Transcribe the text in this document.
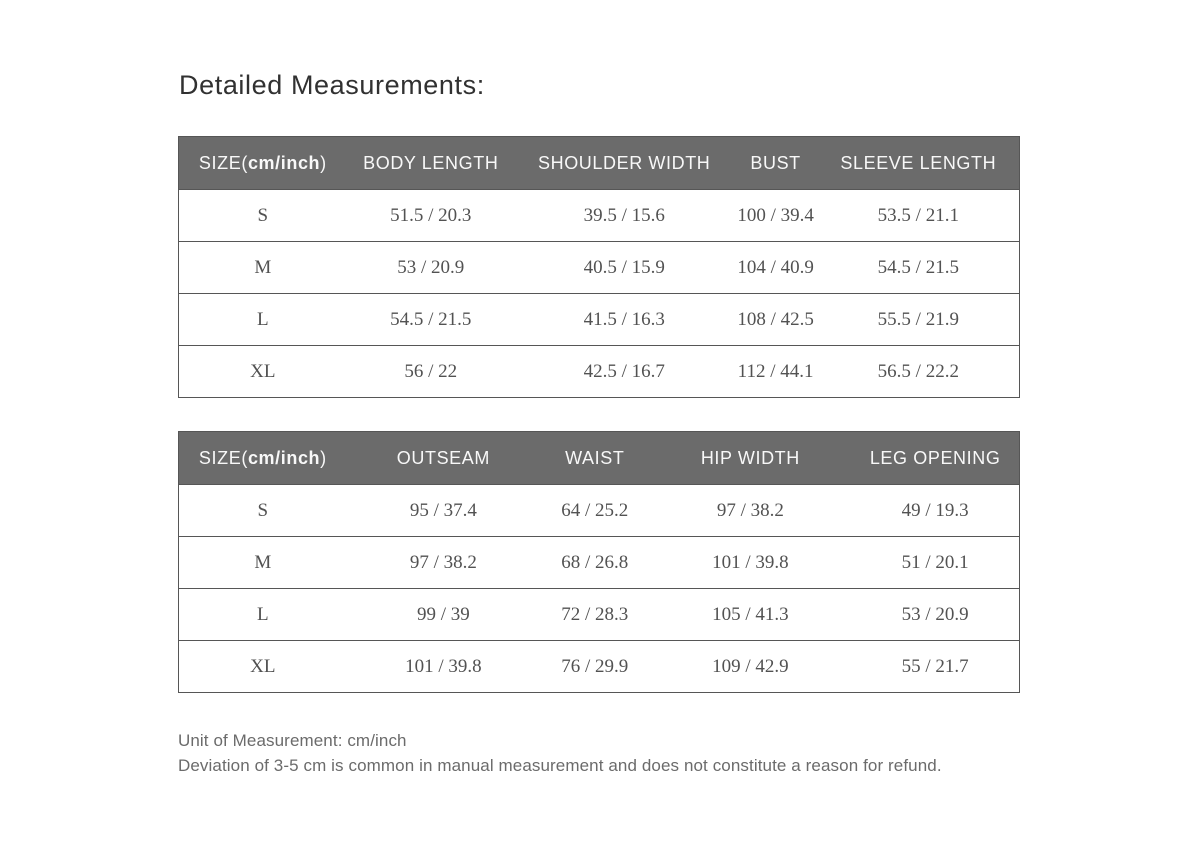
Detailed Measurements:
SIZE(cm/inch)	BODY LENGTH	SHOULDER WIDTH	BUST	SLEEVE LENGTH
S	51.5 / 20.3	39.5 / 15.6	100 / 39.4	53.5 / 21.1
M	53 / 20.9	40.5 / 15.9	104 / 40.9	54.5 / 21.5
L	54.5 / 21.5	41.5 / 16.3	108 / 42.5	55.5 / 21.9
XL	56 / 22	42.5 / 16.7	112 / 44.1	56.5 / 22.2
SIZE(cm/inch)	OUTSEAM	WAIST	HIP WIDTH	LEG OPENING
S	95 / 37.4	64 / 25.2	97 / 38.2	49 / 19.3
M	97 / 38.2	68 / 26.8	101 / 39.8	51 / 20.1
L	99 / 39	72 / 28.3	105 / 41.3	53 / 20.9
XL	101 / 39.8	76 / 29.9	109 / 42.9	55 / 21.7

Unit of Measurement: cm/inch

Deviation of 3-5 cm is common in manual measurement and does not constitute a reason for refund.
